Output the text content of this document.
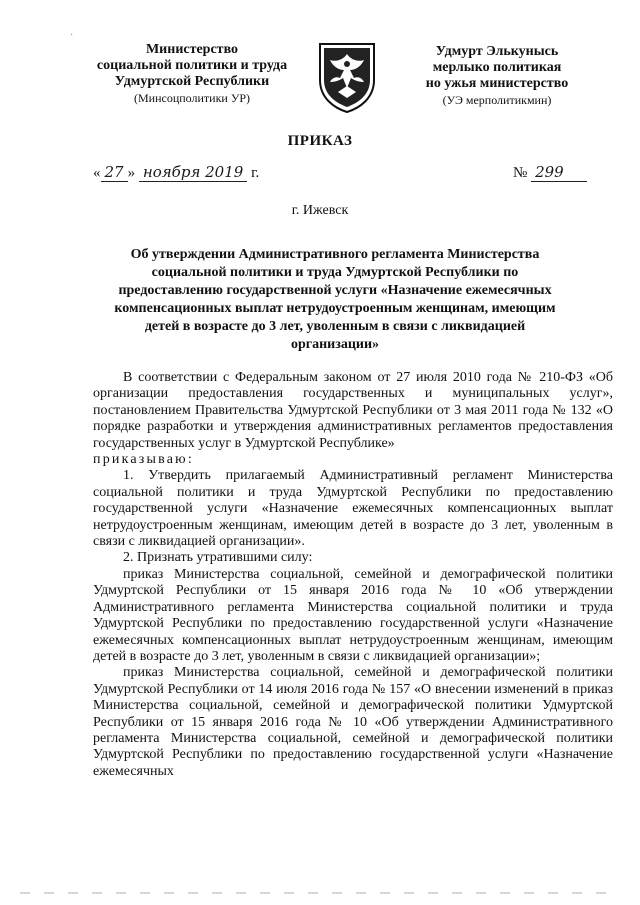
·
Министерство
социальной политики и труда
Удмуртской Республики
(Минсоцполитики УР)
Удмурт Элькунысь
мерлыко политикая
но ужья министерство
(УЭ мерполитикмин)
ПРИКАЗ
« 27 » ноября 2019 г.	№ 299
г. Ижевск
Об утверждении Административного регламента Министерства социальной политики и труда Удмуртской Республики по предоставлению государственной услуги «Назначение ежемесячных компенсационных выплат нетрудоустроенным женщинам, имеющим детей в возрасте до 3 лет, уволенным в связи с ликвидацией организации»

В соответствии с Федеральным законом от 27 июля 2010 года № 210-ФЗ «Об организации предоставления государственных и муниципальных услуг», постановлением Правительства Удмуртской Республики от 3 мая 2011 года № 132 «О порядке разработки и утверждения административных регламентов предоставления государственных услуг в Удмуртской Республике»

приказываю:

1. Утвердить прилагаемый Административный регламент Министерства социальной политики и труда Удмуртской Республики по предоставлению государственной услуги «Назначение ежемесячных компенсационных выплат нетрудоустроенным женщинам, имеющим детей в возрасте до 3 лет, уволенным в связи с ликвидацией организации».

2. Признать утратившими силу:

приказ Министерства социальной, семейной и демографической политики Удмуртской Республики от 15 января 2016 года № 10 «Об утверждении Административного регламента Министерства социальной политики и труда Удмуртской Республики по предоставлению государственной услуги «Назначение ежемесячных компенсационных выплат нетрудоустроенным женщинам, имеющим детей в возрасте до 3 лет, уволенным в связи с ликвидацией организации»;

приказ Министерства социальной, семейной и демографической политики Удмуртской Республики от 14 июля 2016 года № 157 «О внесении изменений в приказ Министерства социальной, семейной и демографической политики Удмуртской Республики от 15 января 2016 года № 10 «Об утверждении Административного регламента Министерства социальной, семейной и демографической политики Удмуртской Республики по предоставлению государственной услуги «Назначение ежемесячных
